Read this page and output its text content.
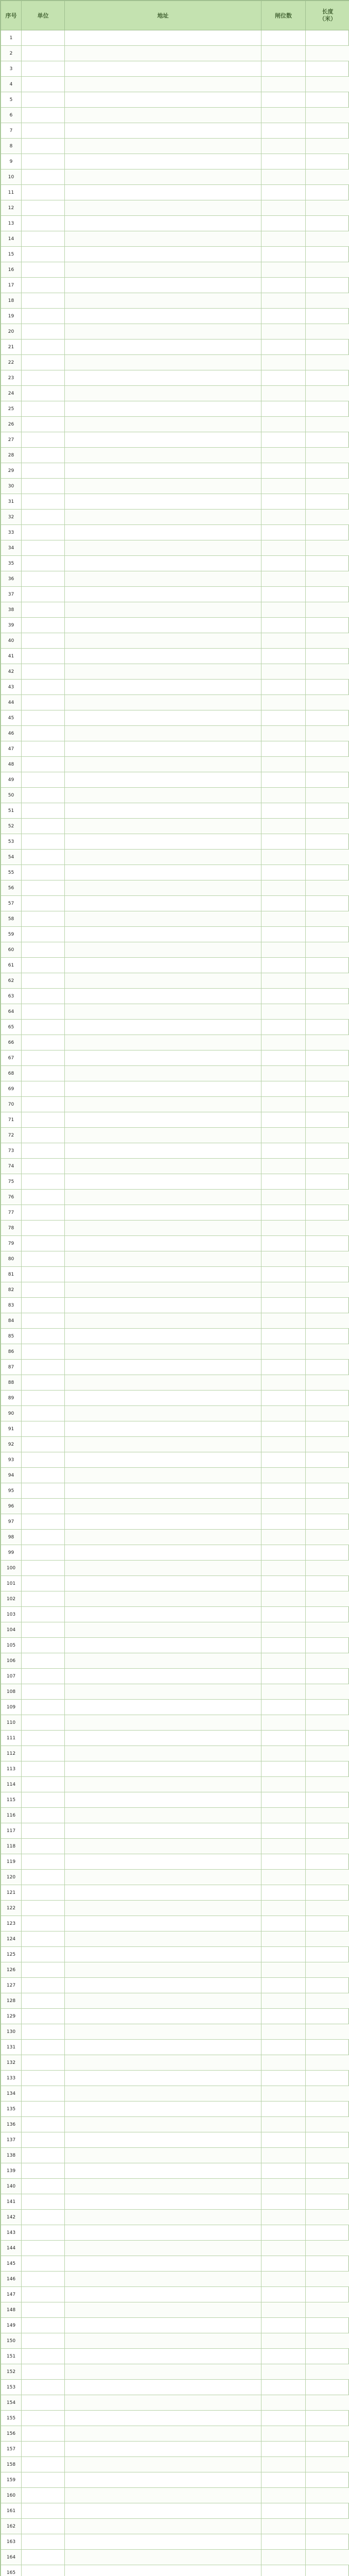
序号	单位	地址	闸位数	长度
（米）

1				
2				
3				
4				
5				
6				
7				
8				
9				
10				
11				
12				
13				
14				
15				
16				
17				
18				
19				
20				
21				
22				
23				
24				
25				
26				
27				
28				
29				
30				
31				
32				
33				
34				
35				
36				
37				
38				
39				
40				
41				
42				
43				
44				
45				
46				
47				
48				
49				
50				
51				
52				
53				
54				
55				
56				
57				
58				
59				
60				
61				
62				
63				
64				
65				
66				
67				
68				
69				
70				
71				
72				
73				
74				
75				
76				
77				
78				
79				
80				
81				
82				
83				
84				
85				
86				
87				
88				
89				
90				
91				
92				
93				
94				
95				
96				
97				
98				
99				
100				
101				
102				
103				
104				
105				
106				
107				
108				
109				
110				
111				
112				
113				
114				
115				
116				
117				
118				
119				
120				
121				
122				
123				
124				
125				
126				
127				
128				
129				
130				
131				
132				
133				
134				
135				
136				
137				
138				
139				
140				
141				
142				
143				
144				
145				
146				
147				
148				
149				
150				
151				
152				
153				
154				
155				
156				
157				
158				
159				
160				
161				
162				
163				
164				
165				
